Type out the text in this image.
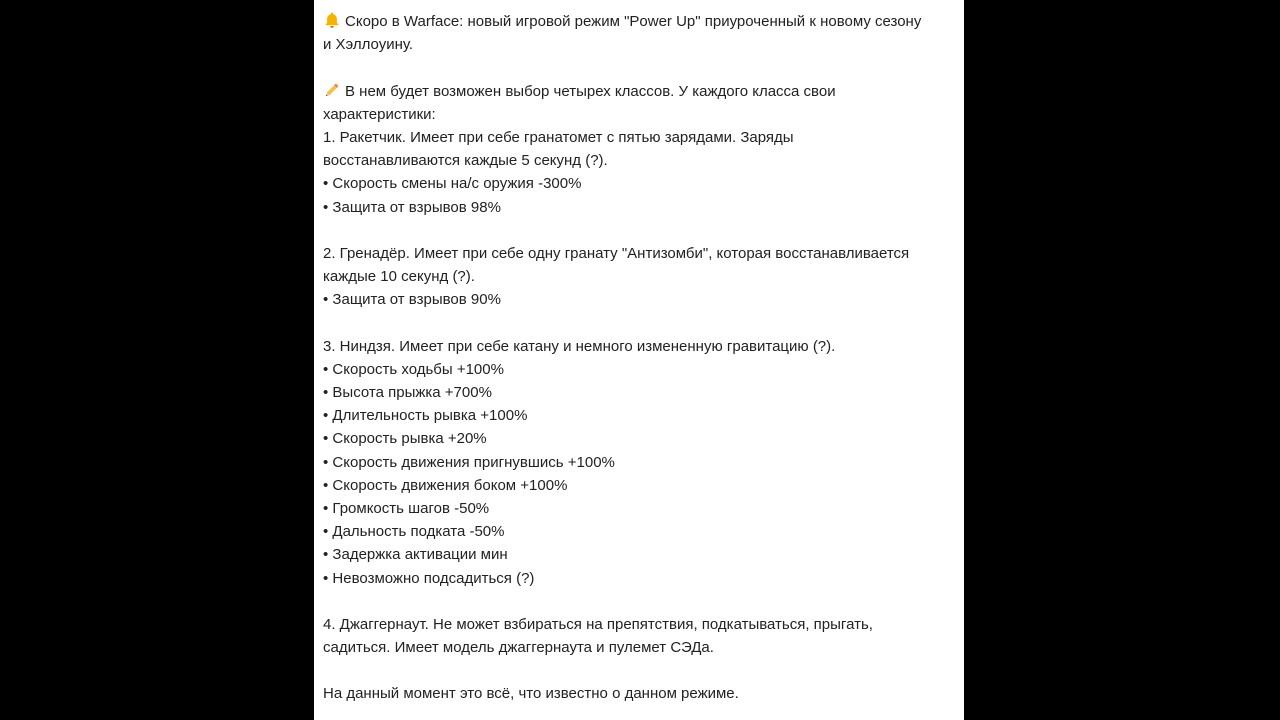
Скоро в Warface: новый игровой режим "Power Up" приуроченный к новому сезону

и Хэллоуину.

В нем будет возможен выбор четырех классов. У каждого класса свои

характеристики:

1. Ракетчик. Имеет при себе гранатомет с пятью зарядами. Заряды

восстанавливаются каждые 5 секунд (?).

• Скорость смены на/с оружия -300%

• Защита от взрывов 98%

2. Гренадёр. Имеет при себе одну гранату "Антизомби", которая восстанавливается

каждые 10 секунд (?).

• Защита от взрывов 90%

3. Ниндзя. Имеет при себе катану и немного измененную гравитацию (?).

• Скорость ходьбы +100%

• Высота прыжка +700%

• Длительность рывка +100%

• Скорость рывка +20%

• Скорость движения пригнувшись +100%

• Скорость движения боком +100%

• Громкость шагов -50%

• Дальность подката -50%

• Задержка активации мин

• Невозможно подсадиться (?)

4. Джаггернаут. Не может взбираться на препятствия, подкатываться, прыгать,

садиться. Имеет модель джаггернаута и пулемет СЭДа.

На данный момент это всё, что известно о данном режиме.
